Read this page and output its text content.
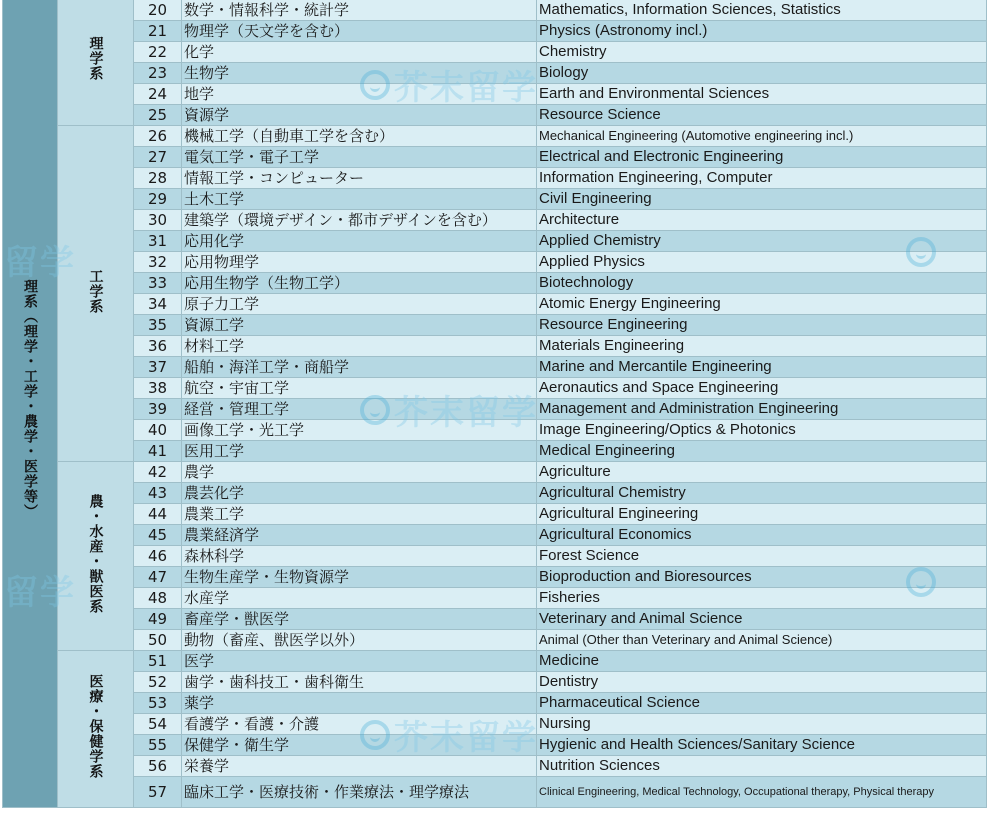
理系（理学・工学・農学・医学等）	理学系			
		20	数学・情報科学・統計学	Mathematics, Information Sciences, Statistics
		21	物理学（天文学を含む）	Physics (Astronomy incl.)
		22	化学	Chemistry
		23	生物学	Biology
		24	地学	Earth and Environmental Sciences
		25	資源学	Resource Science
	工学系	26	機械工学（自動車工学を含む）	Mechanical Engineering (Automotive engineering incl.)
		27	電気工学・電子工学	Electrical and Electronic Engineering
		28	情報工学・コンピューター	Information Engineering, Computer
		29	土木工学	Civil Engineering
		30	建築学（環境デザイン・都市デザインを含む）	Architecture
		31	応用化学	Applied Chemistry
		32	応用物理学	Applied Physics
		33	応用生物学（生物工学）	Biotechnology
		34	原子力工学	Atomic Energy Engineering
		35	資源工学	Resource Engineering
		36	材料工学	Materials Engineering
		37	船舶・海洋工学・商船学	Marine and Mercantile Engineering
		38	航空・宇宙工学	Aeronautics and Space Engineering
		39	経営・管理工学	Management and Administration Engineering
		40	画像工学・光工学	Image Engineering/Optics & Photonics
		41	医用工学	Medical Engineering
	農・水産・獣医系	42	農学	Agriculture
		43	農芸化学	Agricultural Chemistry
		44	農業工学	Agricultural Engineering
		45	農業経済学	Agricultural Economics
		46	森林科学	Forest Science
		47	生物生産学・生物資源学	Bioproduction and Bioresources
		48	水産学	Fisheries
		49	畜産学・獣医学	Veterinary and Animal Science
		50	動物（畜産、獣医学以外）	Animal (Other than Veterinary and Animal Science)
	医療・保健学系	51	医学	Medicine
		52	歯学・歯科技工・歯科衛生	Dentistry
		53	薬学	Pharmaceutical Science
		54	看護学・看護・介護	Nursing
		55	保健学・衛生学	Hygienic and Health Sciences/Sanitary Science
		56	栄養学	Nutrition Sciences
		57	臨床工学・医療技術・作業療法・理学療法	Clinical Engineering, Medical Technology, Occupational therapy, Physical therapy
芥末留学
芥末留学
芥末留学
留学
留学
